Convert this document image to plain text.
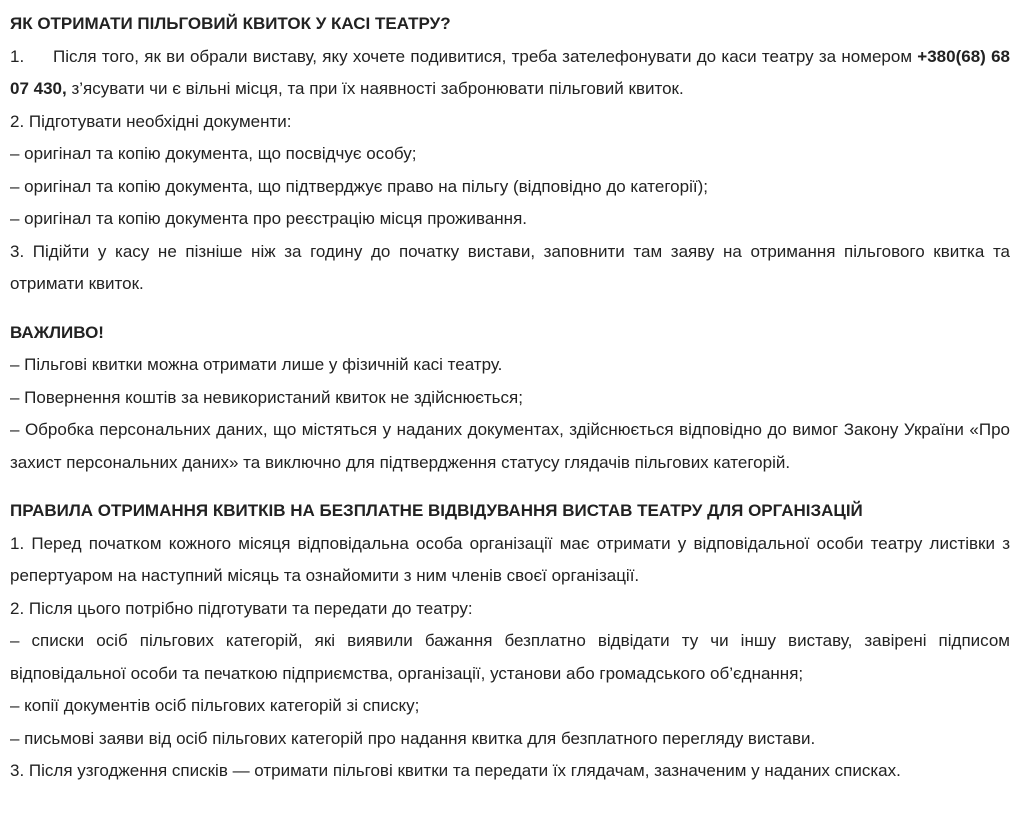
ЯК ОТРИМАТИ ПІЛЬГОВИЙ КВИТОК У КАСІ ТЕАТРУ?

1. Після того, як ви обрали виставу, яку хочете подивитися, треба зателефонувати до каси театру за номером +380(68) 68 07 430, з’ясувати чи є вільні місця, та при їх наявності забронювати пільговий квиток.

2. Підготувати необхідні документи:

– оригінал та копію документа, що посвідчує особу;

– оригінал та копію документа, що підтверджує право на пільгу (відповідно до категорії);

– оригінал та копію документа про реєстрацію місця проживання.

3. Підійти у касу не пізніше ніж за годину до початку вистави, заповнити там заяву на отримання пільгового квитка та отримати квиток.

ВАЖЛИВО!

– Пільгові квитки можна отримати лише у фізичній касі театру.

– Повернення коштів за невикористаний квиток не здійснюється;

– Обробка персональних даних, що містяться у наданих документах, здійснюється відповідно до вимог Закону України «Про захист персональних даних» та виключно для підтвердження статусу глядачів пільгових категорій.

ПРАВИЛА ОТРИМАННЯ КВИТКІВ НА БЕЗПЛАТНЕ ВІДВІДУВАННЯ ВИСТАВ ТЕАТРУ ДЛЯ ОРГАНІЗАЦІЙ

1. Перед початком кожного місяця відповідальна особа організації має отримати у відповідальної особи театру листівки з репертуаром на наступний місяць та ознайомити з ним членів своєї організації.

2. Після цього потрібно підготувати та передати до театру:

– списки осіб пільгових категорій, які виявили бажання безплатно відвідати ту чи іншу виставу, завірені підписом відповідальної особи та печаткою підприємства, організації, установи або громадського об’єднання;

– копії документів осіб пільгових категорій зі списку;

– письмові заяви від осіб пільгових категорій про надання квитка для безплатного перегляду вистави.

3. Після узгодження списків — отримати пільгові квитки та передати їх глядачам, зазначеним у наданих списках.
